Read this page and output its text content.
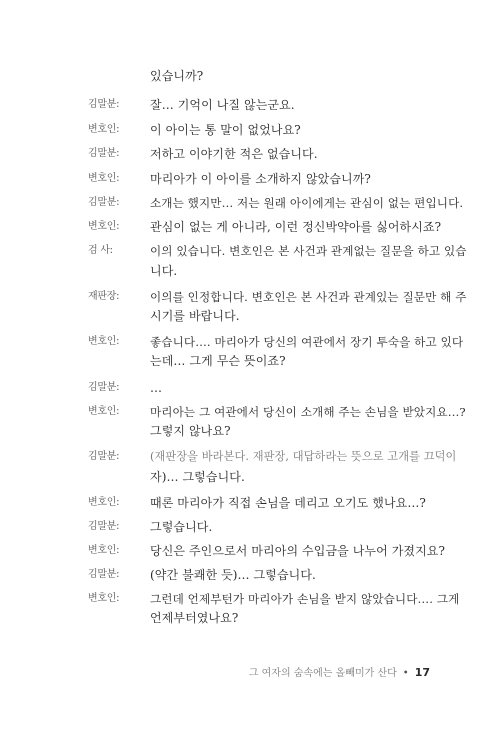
있습니까?
김말분:	잘… 기억이 나질 않는군요.
변호인:	이 아이는 통 말이 없었나요?
김말분:	저하고 이야기한 적은 없습니다.
변호인:	마리아가 이 아이를 소개하지 않았습니까?
김말분:	소개는 했지만… 저는 원래 아이에게는 관심이 없는 편입니다.
변호인:	관심이 없는 게 아니라, 이런 정신박약아를 싫어하시죠?
검 사:	이의 있습니다. 변호인은 본 사건과 관계없는 질문을 하고 있습
니다.
재판장:	이의를 인정합니다. 변호인은 본 사건과 관계있는 질문만 해 주
시기를 바랍니다.
변호인:	좋습니다…. 마리아가 당신의 여관에서 장기 투숙을 하고 있다
는데… 그게 무슨 뜻이죠?
김말분:	…
변호인:	마리아는 그 여관에서 당신이 소개해 주는 손님을 받았지요…?
그렇지 않나요?
김말분:	(재판장을 바라본다. 재판장, 대답하라는 뜻으로 고개를 끄덕이
자)… 그렇습니다.
변호인:	때론 마리아가 직접 손님을 데리고 오기도 했나요…?
김말분:	그렇습니다.
변호인:	당신은 주인으로서 마리아의 수입금을 나누어 가졌지요?
김말분:	(약간 불쾌한 듯)… 그렇습니다.
변호인:	그런데 언제부턴가 마리아가 손님을 받지 않았습니다…. 그게
언제부터였나요?
그 여자의 숨속에는 올빼미가 산다 • 17
